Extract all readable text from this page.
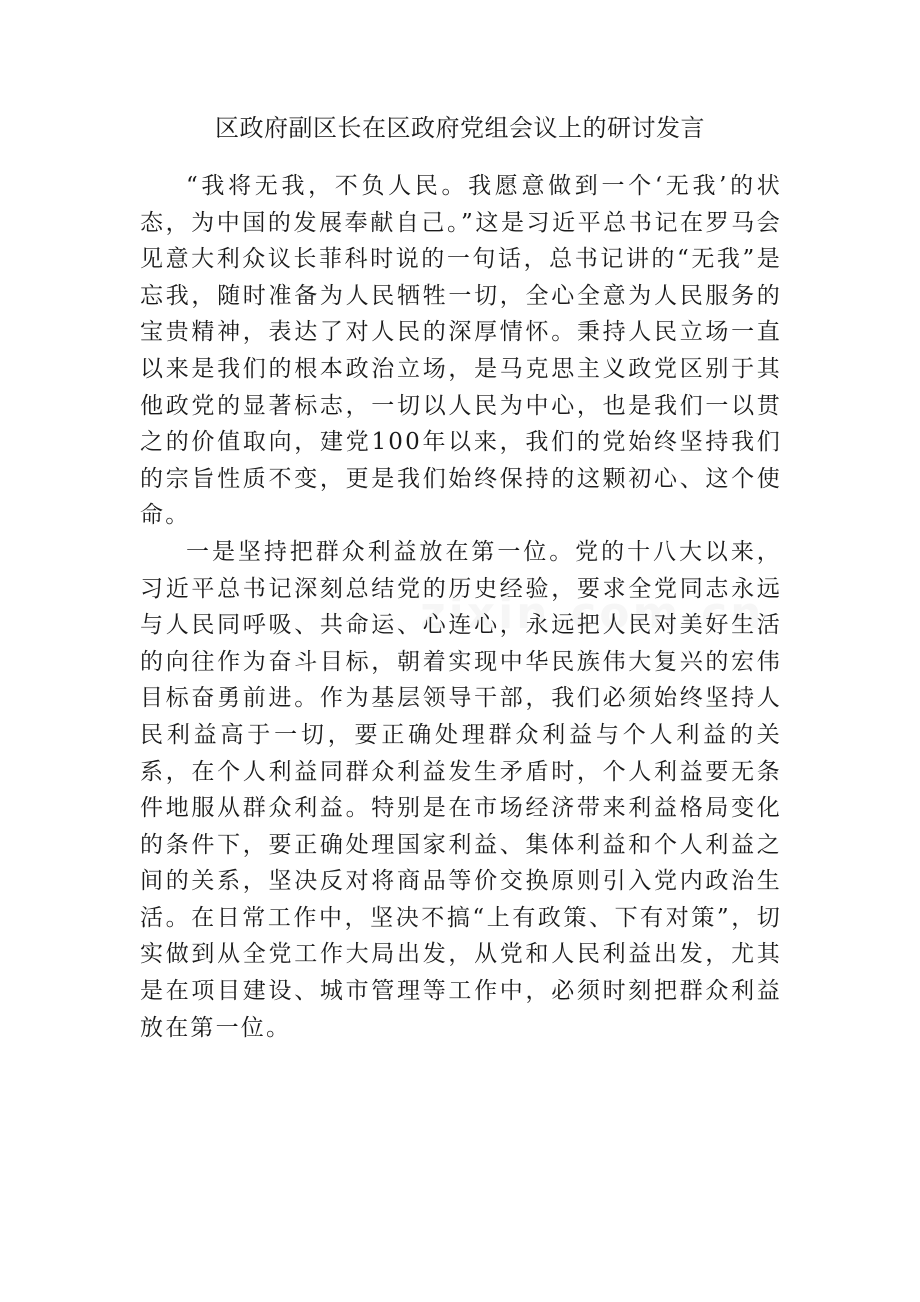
区政府副区长在区政府党组会议上的研讨发言

“我将无我，不负人民。我愿意做到一个‘无我’的状态，为中国的发展奉献自己。”这是习近平总书记在罗马会见意大利众议长菲科时说的一句话，总书记讲的“无我”是忘我，随时准备为人民牺牲一切，全心全意为人民服务的宝贵精神，表达了对人民的深厚情怀。秉持人民立场一直以来是我们的根本政治立场，是马克思主义政党区别于其他政党的显著标志，一切以人民为中心，也是我们一以贯之的价值取向，建党100年以来，我们的党始终坚持我们的宗旨性质不变，更是我们始终保持的这颗初心、这个使命。

一是坚持把群众利益放在第一位。党的十八大以来，习近平总书记深刻总结党的历史经验，要求全党同志永远与人民同呼吸、共命运、心连心，永远把人民对美好生活的向往作为奋斗目标，朝着实现中华民族伟大复兴的宏伟目标奋勇前进。作为基层领导干部，我们必须始终坚持人民利益高于一切，要正确处理群众利益与个人利益的关系，在个人利益同群众利益发生矛盾时，个人利益要无条件地服从群众利益。特别是在市场经济带来利益格局变化的条件下，要正确处理国家利益、集体利益和个人利益之间的关系，坚决反对将商品等价交换原则引入党内政治生活。在日常工作中，坚决不搞“上有政策、下有对策”，切实做到从全党工作大局出发，从党和人民利益出发，尤其是在项目建设、城市管理等工作中，必须时刻把群众利益放在第一位。
